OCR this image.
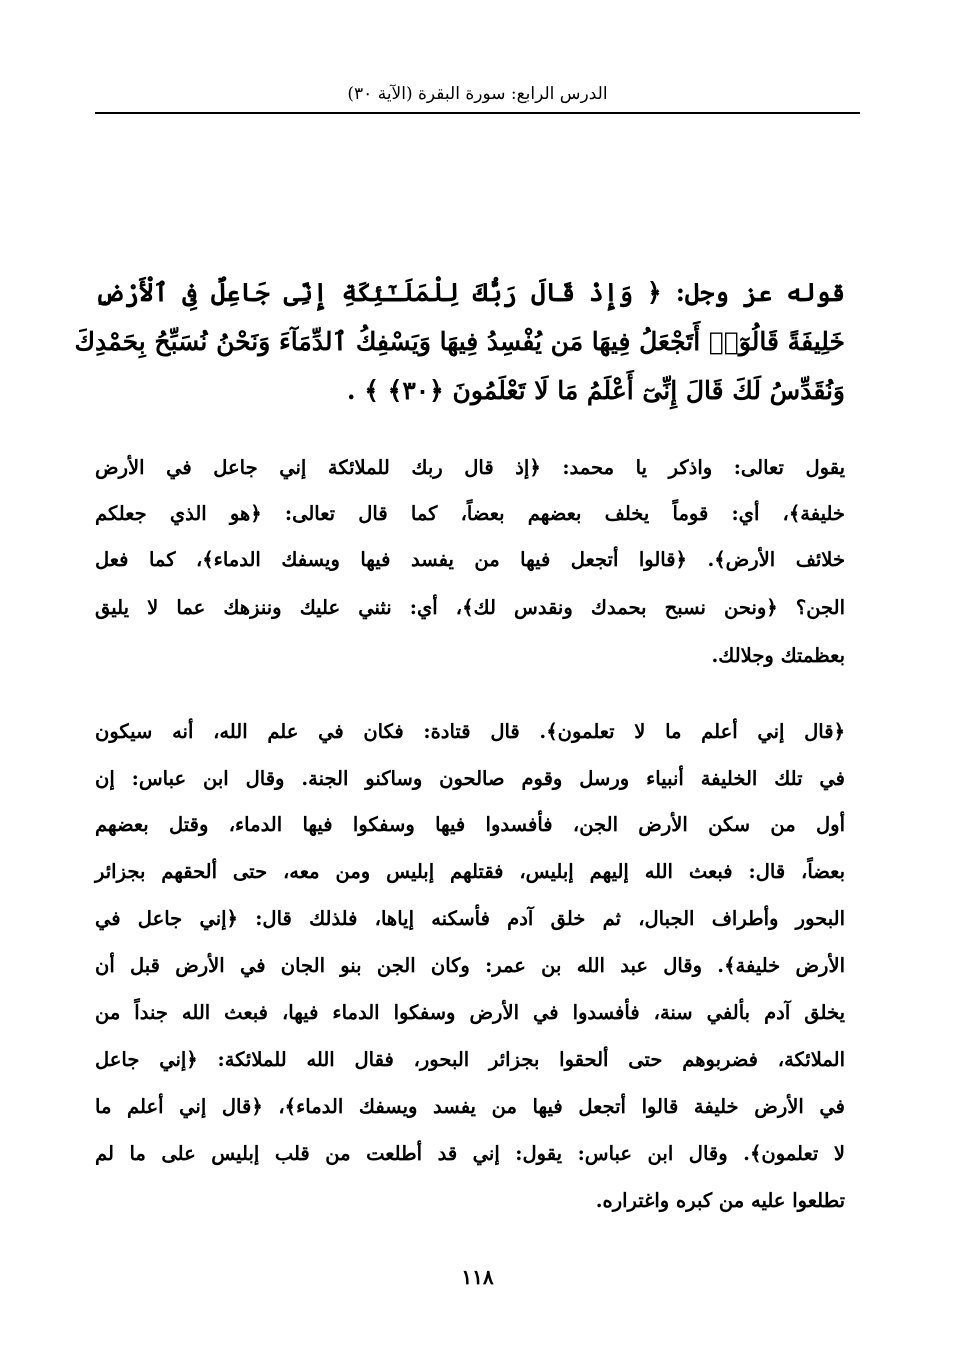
الدرس الرابع: سورة البقرة (الآية ٣٠)
قوله عز وجل: ﴿ وَإِذْ قَالَ رَبُّكَ لِلْمَلَـٰٓئِكَةِ إِنِّى جَاعِلٌ فِى ٱلْأَرْضِ
خَلِيفَةً قَالُوٓا۟ أَتَجْعَلُ فِيهَا مَن يُفْسِدُ فِيهَا وَيَسْفِكُ ٱلدِّمَآءَ وَنَحْنُ نُسَبِّحُ بِحَمْدِكَ
وَنُقَدِّسُ لَكَ قَالَ إِنِّىٓ أَعْلَمُ مَا لَا تَعْلَمُونَ ﴿٣٠﴾ ﴾ .
يقول تعالى: واذكر يا محمد: ﴿إذ قال ربك للملائكة إني جاعل في الأرض
خليفة﴾، أي: قوماً يخلف بعضهم بعضاً، كما قال تعالى: ﴿هو الذي جعلكم
خلائف الأرض﴾. ﴿قالوا أتجعل فيها من يفسد فيها ويسفك الدماء﴾، كما فعل
الجن؟ ﴿ونحن نسبح بحمدك ونقدس لك﴾، أي: نثني عليك وننزهك عما لا يليق
بعظمتك وجلالك.
﴿قال إني أعلم ما لا تعلمون﴾. قال قتادة: فكان في علم الله، أنه سيكون
في تلك الخليفة أنبياء ورسل وقوم صالحون وساكنو الجنة. وقال ابن عباس: إن
أول من سكن الأرض الجن، فأفسدوا فيها وسفكوا فيها الدماء، وقتل بعضهم
بعضاً، قال: فبعث الله إليهم إبليس، فقتلهم إبليس ومن معه، حتى ألحقهم بجزائر
البحور وأطراف الجبال، ثم خلق آدم فأسكنه إياها، فلذلك قال: ﴿إني جاعل في
الأرض خليفة﴾. وقال عبد الله بن عمر: وكان الجن بنو الجان في الأرض قبل أن
يخلق آدم بألفي سنة، فأفسدوا في الأرض وسفكوا الدماء فيها، فبعث الله جنداً من
الملائكة، فضربوهم حتى ألحقوا بجزائر البحور، فقال الله للملائكة: ﴿إني جاعل
في الأرض خليفة قالوا أتجعل فيها من يفسد ويسفك الدماء﴾، ﴿قال إني أعلم ما
لا تعلمون﴾. وقال ابن عباس: يقول: إني قد أطلعت من قلب إبليس على ما لم
تطلعوا عليه من كبره واغتراره.
١١٨
